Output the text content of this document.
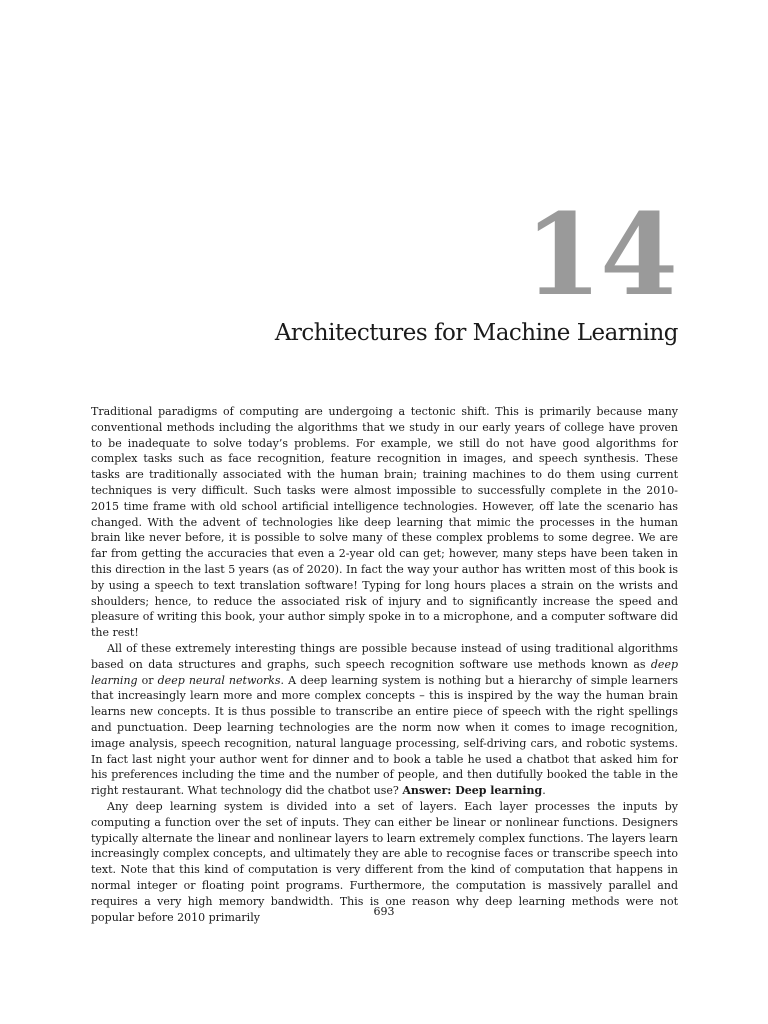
14
Architectures for Machine Learning

Traditional paradigms of computing are undergoing a tectonic shift. This is primarily because many conventional methods including the algorithms that we study in our early years of college have proven to be inadequate to solve today’s problems. For example, we still do not have good algorithms for complex tasks such as face recognition, feature recognition in images, and speech synthesis. These tasks are traditionally associated with the human brain; training machines to do them using current techniques is very difficult. Such tasks were almost impossible to successfully complete in the 2010-2015 time frame with old school artificial intelligence technologies. However, off late the scenario has changed. With the advent of technologies like deep learning that mimic the processes in the human brain like never before, it is possible to solve many of these complex problems to some degree. We are far from getting the accuracies that even a 2-year old can get; however, many steps have been taken in this direction in the last 5 years (as of 2020). In fact the way your author has written most of this book is by using a speech to text translation software! Typing for long hours places a strain on the wrists and shoulders; hence, to reduce the associated risk of injury and to significantly increase the speed and pleasure of writing this book, your author simply spoke in to a microphone, and a computer software did the rest!

All of these extremely interesting things are possible because instead of using traditional algorithms based on data structures and graphs, such speech recognition software use methods known as deep learning or deep neural networks. A deep learning system is nothing but a hierarchy of simple learners that increasingly learn more and more complex concepts – this is inspired by the way the human brain learns new concepts. It is thus possible to transcribe an entire piece of speech with the right spellings and punctuation. Deep learning technologies are the norm now when it comes to image recognition, image analysis, speech recognition, natural language processing, self-driving cars, and robotic systems. In fact last night your author went for dinner and to book a table he used a chatbot that asked him for his preferences including the time and the number of people, and then dutifully booked the table in the right restaurant. What technology did the chatbot use? Answer: Deep learning.

Any deep learning system is divided into a set of layers. Each layer processes the inputs by computing a function over the set of inputs. They can either be linear or nonlinear functions. Designers typically alternate the linear and nonlinear layers to learn extremely complex functions. The layers learn increasingly complex concepts, and ultimately they are able to recognise faces or transcribe speech into text. Note that this kind of computation is very different from the kind of computation that happens in normal integer or floating point programs. Furthermore, the computation is massively parallel and requires a very high memory bandwidth. This is one reason why deep learning methods were not popular before 2010 primarily	693
